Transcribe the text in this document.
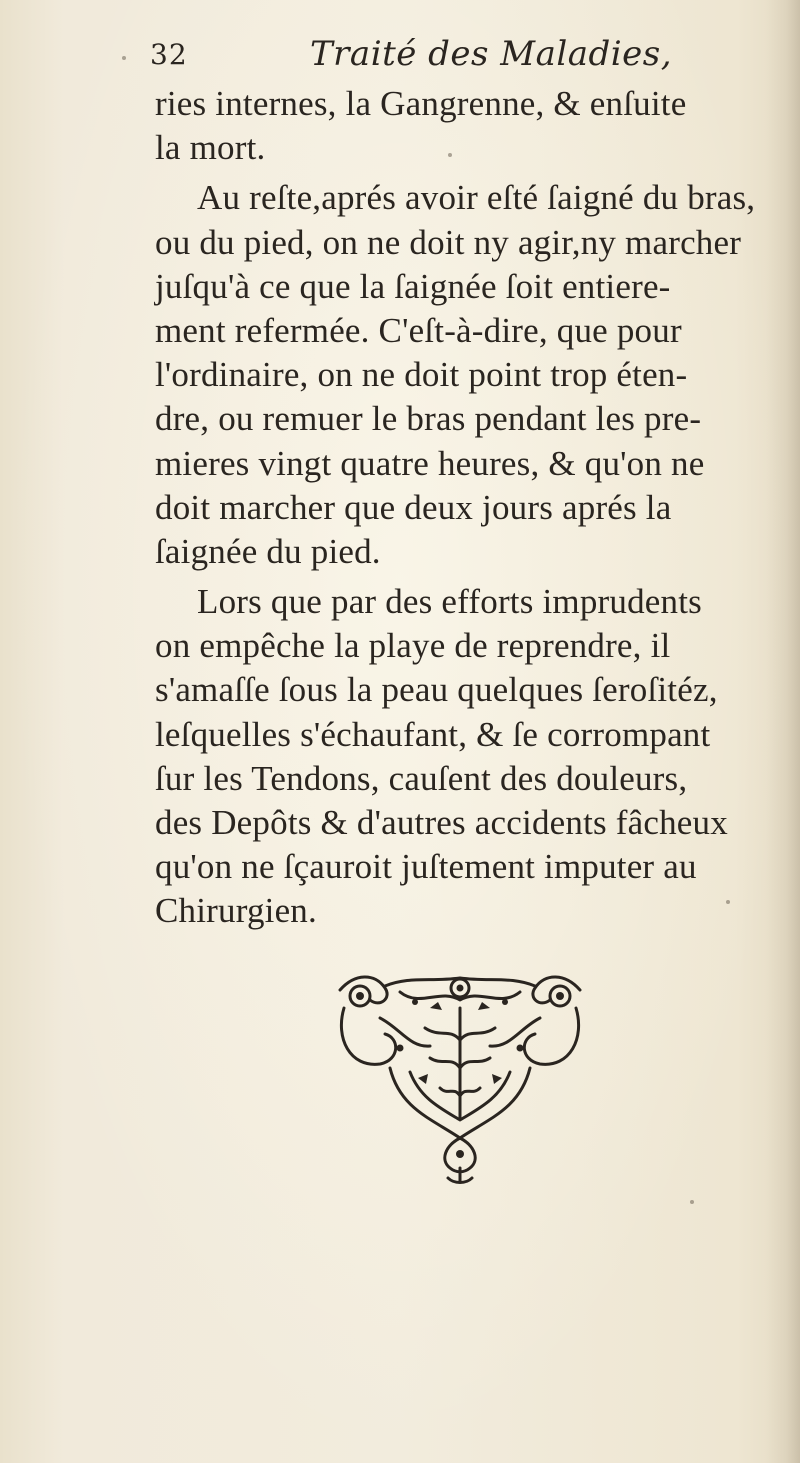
32	Traité des Maladies,
ries internes, la Gangrenne, & enſuite
la mort.
Au reſte,aprés avoir eſté ſaigné du bras,
ou du pied, on ne doit ny agir,ny marcher
juſqu'à ce que la ſaignée ſoit entiere-
ment refermée. C'eſt-à-dire, que pour
l'ordinaire, on ne doit point trop éten-
dre, ou remuer le bras pendant les pre-
mieres vingt quatre heures, & qu'on ne
doit marcher que deux jours aprés la
ſaignée du pied.
Lors que par des efforts imprudents
on empêche la playe de reprendre, il
s'amaſſe ſous la peau quelques ſeroſitéz,
leſquelles s'échaufant, & ſe corrompant
ſur les Tendons, cauſent des douleurs,
des Depôts & d'autres accidents fâcheux
qu'on ne ſçauroit juſtement imputer au
Chirurgien.
